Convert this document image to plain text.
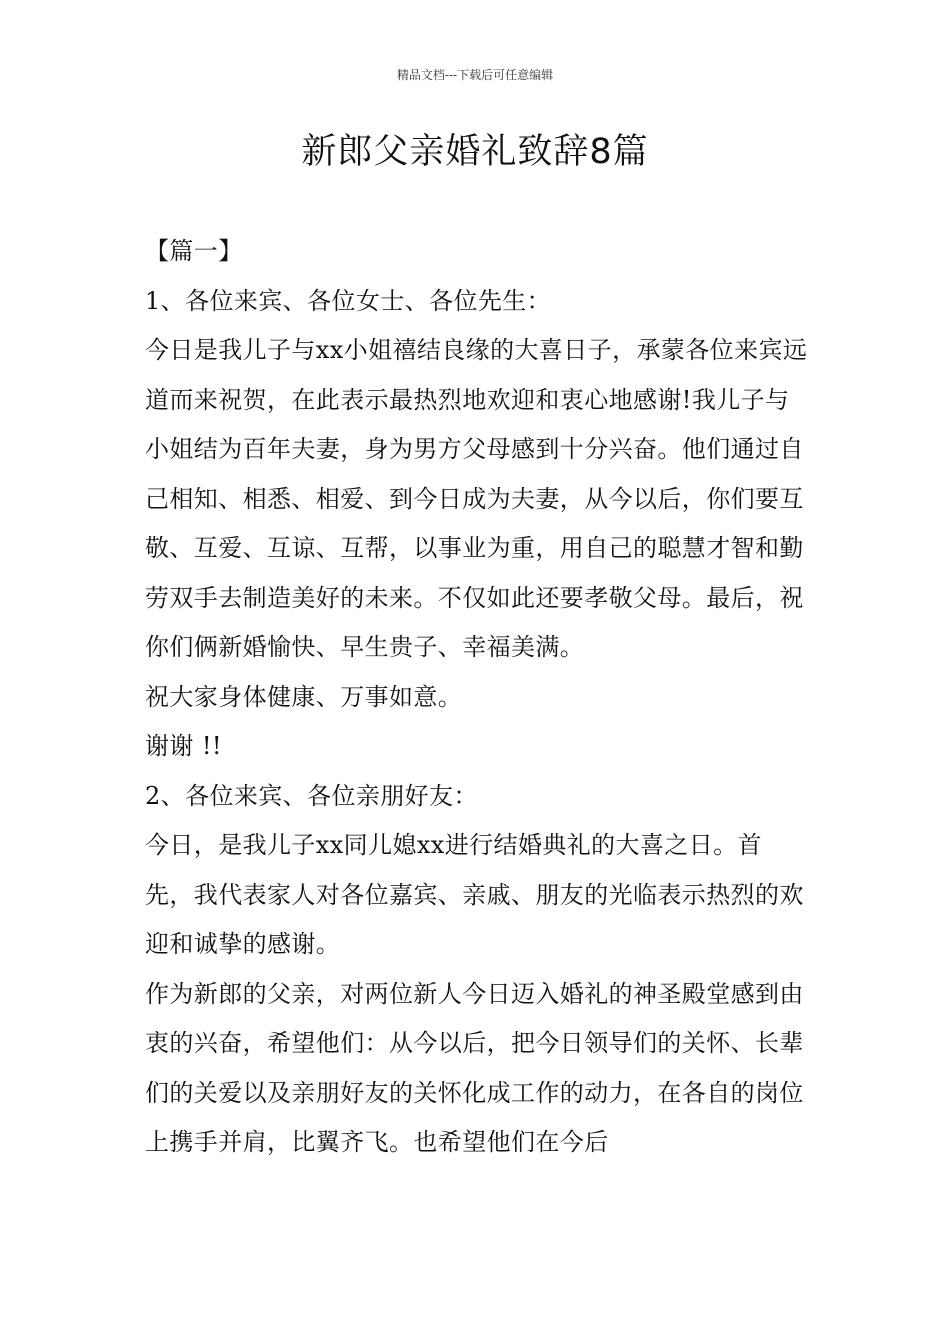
精品文档---下载后可任意编辑
新郎父亲婚礼致辞8篇

【篇一】

1、各位来宾、各位女士、各位先生：

今日是我儿子与xx小姐禧结良缘的大喜日子，承蒙各位来宾远道而来祝贺，在此表示最热烈地欢迎和衷心地感谢!我儿子与小姐结为百年夫妻，身为男方父母感到十分兴奋。他们通过自己相知、相悉、相爱、到今日成为夫妻，从今以后，你们要互敬、互爱、互谅、互帮，以事业为重，用自己的聪慧才智和勤劳双手去制造美好的未来。不仅如此还要孝敬父母。最后，祝你们俩新婚愉快、早生贵子、幸福美满。

祝大家身体健康、万事如意。

谢谢 !!

2、各位来宾、各位亲朋好友：

今日，是我儿子xx同儿媳xx进行结婚典礼的大喜之日。首先，我代表家人对各位嘉宾、亲戚、朋友的光临表示热烈的欢迎和诚挚的感谢。

作为新郎的父亲，对两位新人今日迈入婚礼的神圣殿堂感到由衷的兴奋，希望他们：从今以后，把今日领导们的关怀、长辈们的关爱以及亲朋好友的关怀化成工作的动力，在各自的岗位上携手并肩，比翼齐飞。也希望他们在今后
